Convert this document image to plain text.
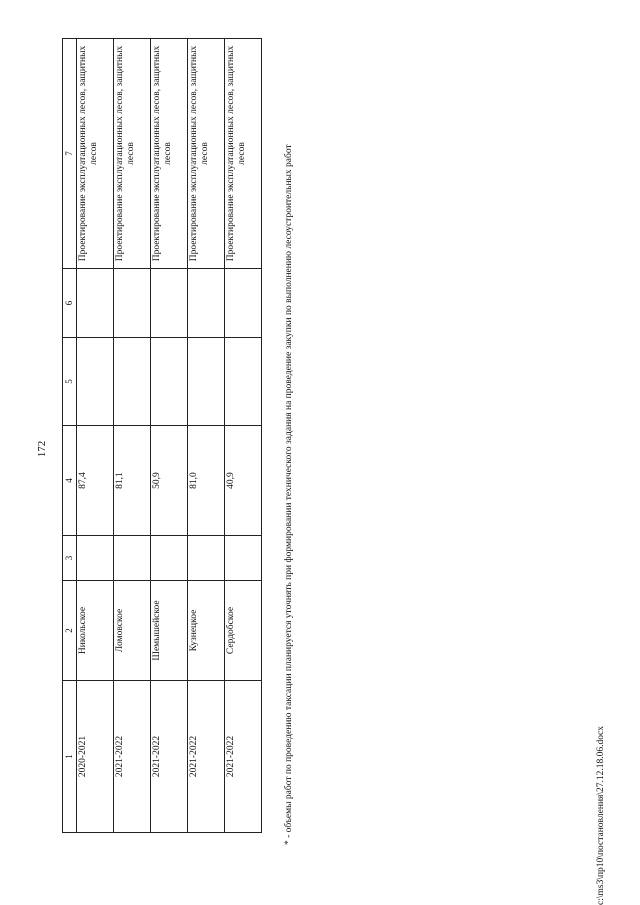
172
1	2	3	4	5	6	7
2020-2021	Никольское		87,4			Проектирование эксплуатационных лесов, защитных лесов
2021-2022	Ломовское		81,1			Проектирование эксплуатационных лесов, защитных лесов
2021-2022	Шемышейское		50,9			Проектирование эксплуатационных лесов, защитных лесов
2021-2022	Кузнецкое		81,0			Проектирование эксплуатационных лесов, защитных лесов
2021-2022	Сердобское		40,9			Проектирование эксплуатационных лесов, защитных лесов	* - объемы работ по проведению таксации планируется уточнять при формировании технического задания на проведение закупки по выполнению лесоустроительных работ	c:\ms3\пр10\постановления\27.12.18.06.docx
